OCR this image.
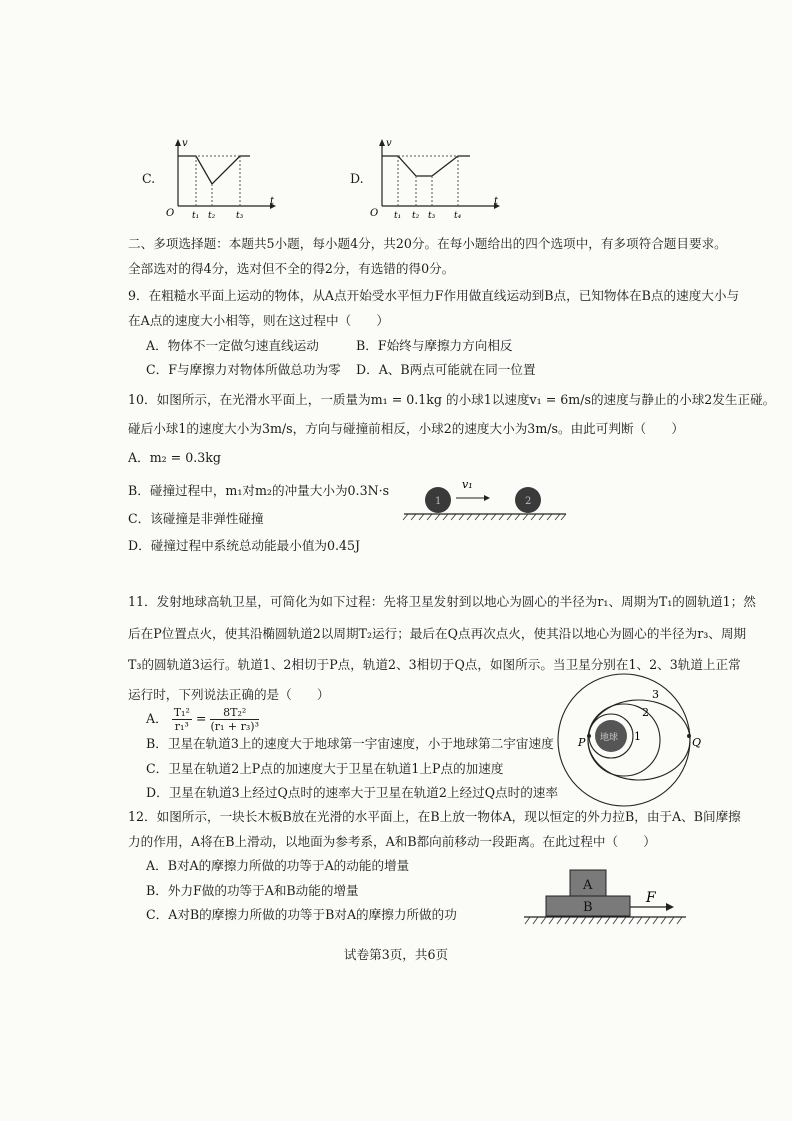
C.
v
t
O t₁ t₂ t₃
D.
v
t
O t₁ t₂ t₃ t₄
二、多项选择题：本题共5小题，每小题4分，共20分。在每小题给出的四个选项中，有多项符合题目要求。
全部选对的得4分，选对但不全的得2分，有选错的得0分。
9．在粗糙水平面上运动的物体，从A点开始受水平恒力F作用做直线运动到B点，已知物体在B点的速度大小与
在A点的速度大小相等，则在这过程中（　　）
A．物体不一定做匀速直线运动	B．F始终与摩擦力方向相反
C．F与摩擦力对物体所做总功为零 D．A、B两点可能就在同一位置
10．如图所示，在光滑水平面上，一质量为m₁ = 0.1kg 的小球1以速度v₁ = 6m/s的速度与静止的小球2发生正碰。
碰后小球1的速度大小为3m/s，方向与碰撞前相反，小球2的速度大小为3m/s。由此可判断（　　）
A．m₂ = 0.3kg
B．碰撞过程中，m₁对m₂的冲量大小为0.3N·s
C．该碰撞是非弹性碰撞
D．碰撞过程中系统总动能最小值为0.45J
1	2
v₁
11．发射地球高轨卫星，可简化为如下过程：先将卫星发射到以地心为圆心的半径为r₁、周期为T₁的圆轨道1；然
后在P位置点火，使其沿椭圆轨道2以周期T₂运行；最后在Q点再次点火，使其沿以地心为圆心的半径为r₃、周期
T₃的圆轨道3运行。轨道1、2相切于P点，轨道2、3相切于Q点，如图所示。当卫星分别在1、2、3轨道上正常
运行时，下列说法正确的是（　　）
A． $\frac{\text{T₁²}}{\text{r₁³}} = \frac{\text{8T₂²}}{\text{(r₁ + r₃)³}}$
B．卫星在轨道3上的速度大于地球第一宇宙速度，小于地球第二宇宙速度
C．卫星在轨道2上P点的加速度大于卫星在轨道1上P点的加速度
D．卫星在轨道3上经过Q点时的速率大于卫星在轨道2上经过Q点时的速率
地球
P	Q
1
2
3
12．如图所示，一块长木板B放在光滑的水平面上，在B上放一物体A，现以恒定的外力拉B，由于A、B间摩擦
力的作用，A将在B上滑动，以地面为参考系，A和B都向前移动一段距离。在此过程中（　　）
A．B对A的摩擦力所做的功等于A的动能的增量
B．外力F做的功等于A和B动能的增量
C．A对B的摩擦力所做的功等于B对A的摩擦力所做的功
A
B
F
试卷第3页，共6页
